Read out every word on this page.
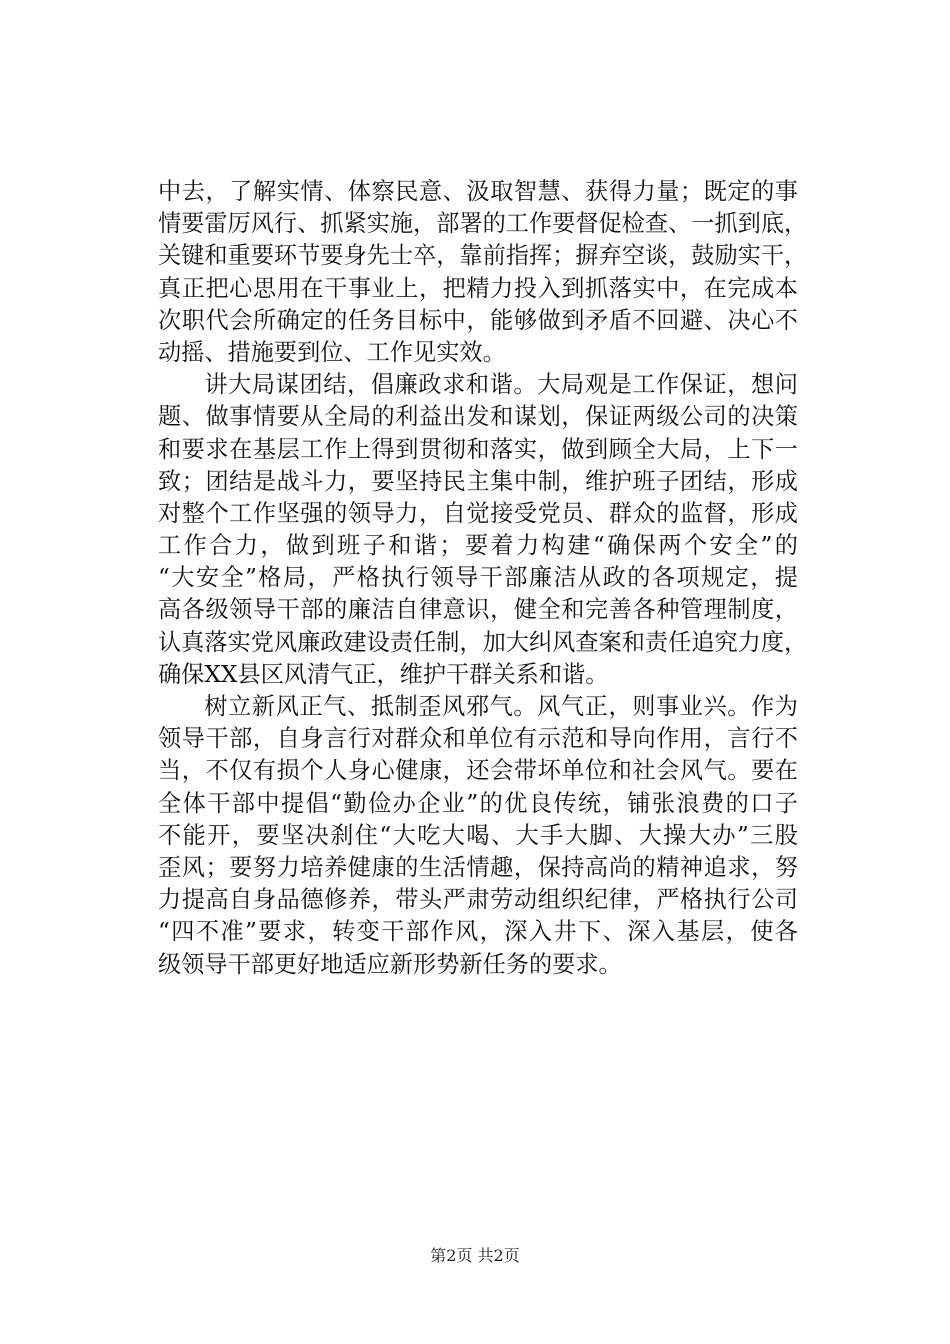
中去，了解实情、体察民意、汲取智慧、获得力量；既定的事
情要雷厉风行、抓紧实施，部署的工作要督促检查、一抓到底，
关键和重要环节要身先士卒，靠前指挥；摒弃空谈，鼓励实干，
真正把心思用在干事业上，把精力投入到抓落实中，在完成本
次职代会所确定的任务目标中，能够做到矛盾不回避、决心不
动摇、措施要到位、工作见实效。
讲大局谋团结，倡廉政求和谐。大局观是工作保证，想问
题、做事情要从全局的利益出发和谋划，保证两级公司的决策
和要求在基层工作上得到贯彻和落实，做到顾全大局，上下一
致；团结是战斗力，要坚持民主集中制，维护班子团结，形成
对整个工作坚强的领导力，自觉接受党员、群众的监督，形成
工作合力，做到班子和谐；要着力构建“确保两个安全”的
“大安全”格局，严格执行领导干部廉洁从政的各项规定，提
高各级领导干部的廉洁自律意识，健全和完善各种管理制度，
认真落实党风廉政建设责任制，加大纠风查案和责任追究力度，
确保XX县区风清气正，维护干群关系和谐。
树立新风正气、抵制歪风邪气。风气正，则事业兴。作为
领导干部，自身言行对群众和单位有示范和导向作用，言行不
当，不仅有损个人身心健康，还会带坏单位和社会风气。要在
全体干部中提倡“勤俭办企业”的优良传统，铺张浪费的口子
不能开，要坚决刹住“大吃大喝、大手大脚、大操大办”三股
歪风；要努力培养健康的生活情趣，保持高尚的精神追求，努
力提高自身品德修养，带头严肃劳动组织纪律，严格执行公司
“四不准”要求，转变干部作风，深入井下、深入基层，使各
级领导干部更好地适应新形势新任务的要求。
第2页 共2页
